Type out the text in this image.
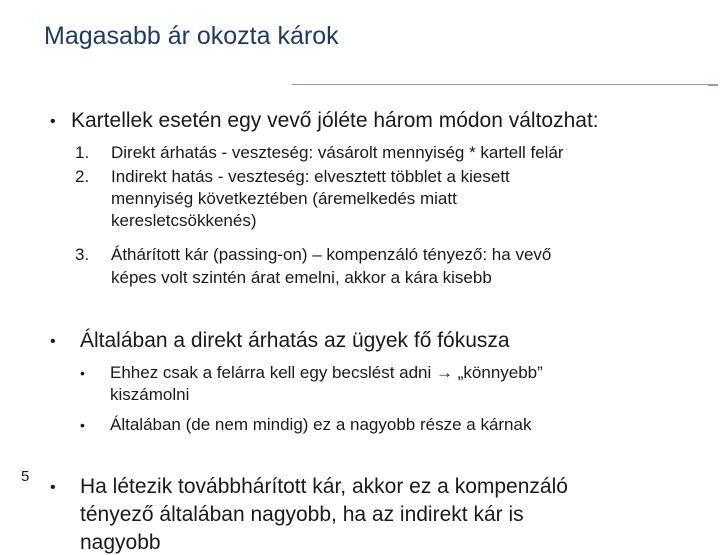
Magasabb ár okozta károk
• Kartellek esetén egy vevő jóléte három módon változhat:
1. Direkt árhatás - veszteség: vásárolt mennyiség * kartell felár
2. Indirekt hatás - veszteség: elvesztett többlet a kiesett
mennyiség következtében (áremelkedés miatt
keresletcsökkenés)
3. Áthárított kár (passing-on) – kompenzáló tényező: ha vevő
képes volt szintén árat emelni, akkor a kára kisebb
• Általában a direkt árhatás az ügyek fő fókusza
• Ehhez csak a felárra kell egy becslést adni → „könnyebb”
kiszámolni
• Általában (de nem mindig) ez a nagyobb része a kárnak
• Ha létezik továbbhárított kár, akkor ez a kompenzáló
tényező általában nagyobb, ha az indirekt kár is
nagyobb
5
